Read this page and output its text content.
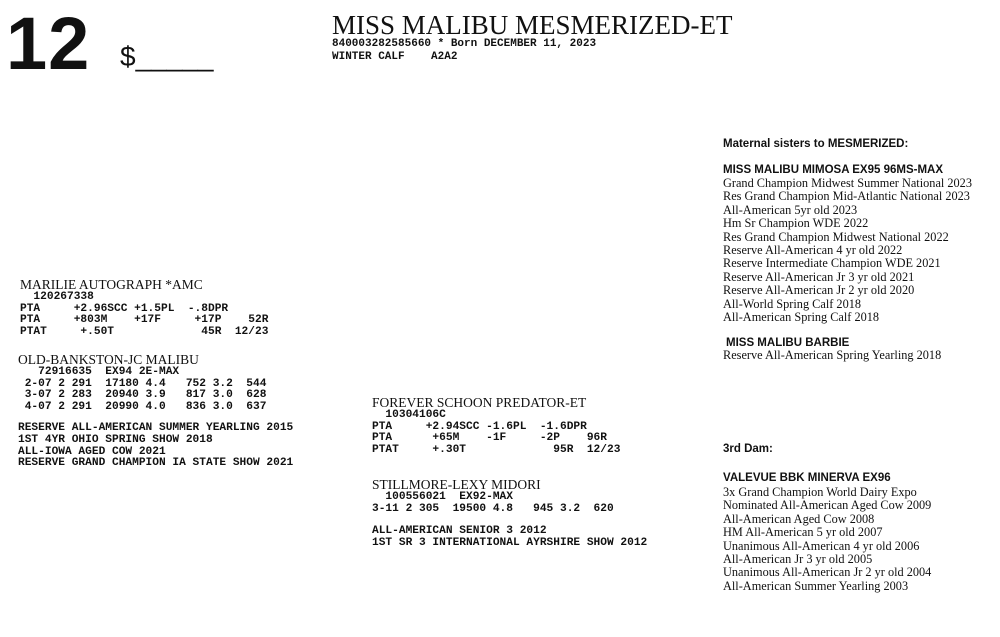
12 $_____
MISS MALIBU MESMERIZED-ET
840003282585660 * Born DECEMBER 11, 2023
WINTER CALF    A2A2
MARILIE AUTOGRAPH *AMC
120267338
PTA     +2.96SCC +1.5PL  -.8DPR
PTA     +803M    +17F     +17P    52R
PTAT     +.50T             45R  12/23
OLD-BANKSTON-JC MALIBU
72916635  EX94 2E-MAX
2-07 2 291  17180 4.4   752 3.2  544
3-07 2 283  20940 3.9   817 3.0  628
4-07 2 291  20990 4.0   836 3.0  637
RESERVE ALL-AMERICAN SUMMER YEARLING 2015
1ST 4YR OHIO SPRING SHOW 2018
ALL-IOWA AGED COW 2021
RESERVE GRAND CHAMPION IA STATE SHOW 2021
FOREVER SCHOON PREDATOR-ET
10304106C
PTA     +2.94SCC -1.6PL  -1.6DPR
PTA      +65M    -1F     -2P    96R
PTAT     +.30T             95R  12/23
STILLMORE-LEXY MIDORI
100556021  EX92-MAX
3-11 2 305  19500 4.8   945 3.2  620
ALL-AMERICAN SENIOR 3 2012
1ST SR 3 INTERNATIONAL AYRSHIRE SHOW 2012
Maternal sisters to MESMERIZED:
MISS MALIBU MIMOSA EX95 96MS-MAX
Grand Champion Midwest Summer National 2023
Res Grand Champion Mid-Atlantic National 2023
All-American 5yr old 2023
Hm Sr Champion WDE 2022
Res Grand Champion Midwest National 2022
Reserve All-American 4 yr old 2022
Reserve Intermediate Champion WDE 2021
Reserve All-American Jr 3 yr old 2021
Reserve All-American Jr 2 yr old 2020
All-World Spring Calf 2018
All-American Spring Calf 2018
MISS MALIBU BARBIE
Reserve All-American Spring Yearling 2018
3rd Dam:
VALEVUE BBK MINERVA EX96
3x Grand Champion World Dairy Expo
Nominated All-American Aged Cow 2009
All-American Aged Cow 2008
HM All-American 5 yr old 2007
Unanimous All-American 4 yr old 2006
All-American Jr 3 yr old 2005
Unanimous All-American Jr 2 yr old 2004
All-American Summer Yearling 2003
